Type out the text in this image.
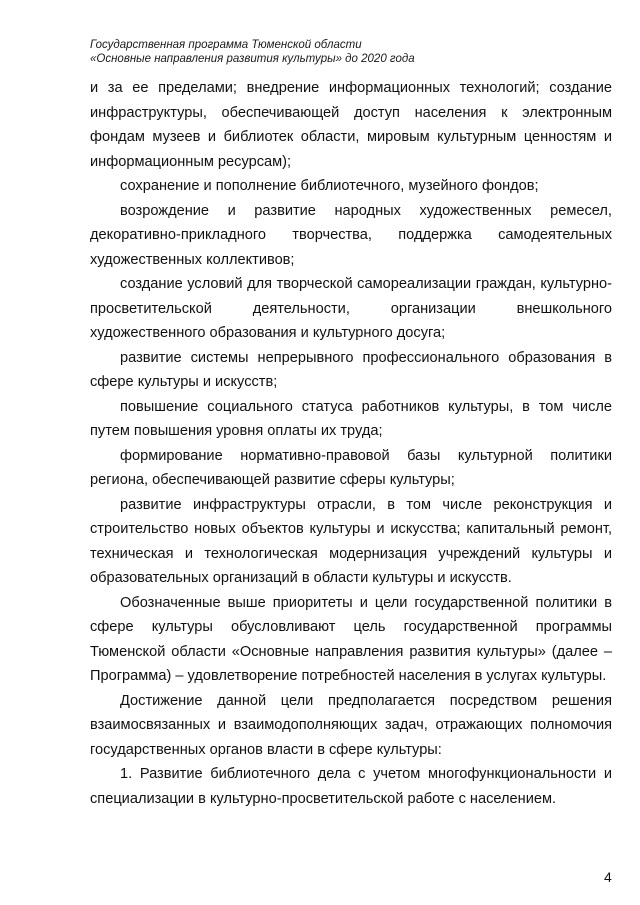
Государственная программа Тюменской области
«Основные направления развития культуры» до 2020 года

и за ее пределами; внедрение информационных технологий; создание инфраструктуры, обеспечивающей доступ населения к электронным фондам музеев и библиотек области, мировым культурным ценностям и информационным ресурсам);

сохранение и пополнение библиотечного, музейного фондов;

возрождение и развитие народных художественных ремесел, декоративно-прикладного творчества, поддержка самодеятельных художественных коллективов;

создание условий для творческой самореализации граждан, культурно-просветительской деятельности, организации внешкольного художественного образования и культурного досуга;

развитие системы непрерывного профессионального образования в сфере культуры и искусств;

повышение социального статуса работников культуры, в том числе путем повышения уровня оплаты их труда;

формирование нормативно-правовой базы культурной политики региона, обеспечивающей развитие сферы культуры;

развитие инфраструктуры отрасли, в том числе реконструкция и строительство новых объектов культуры и искусства; капитальный ремонт, техническая и технологическая модернизация учреждений культуры и образовательных организаций в области культуры и искусств.

Обозначенные выше приоритеты и цели государственной политики в сфере культуры обусловливают цель государственной программы Тюменской области «Основные направления развития культуры» (далее – Программа) – удовлетворение потребностей населения в услугах культуры.

Достижение данной цели предполагается посредством решения взаимосвязанных и взаимодополняющих задач, отражающих полномочия государственных органов власти в сфере культуры:

1. Развитие библиотечного дела с учетом многофункциональности и специализации в культурно-просветительской работе с населением.

4
